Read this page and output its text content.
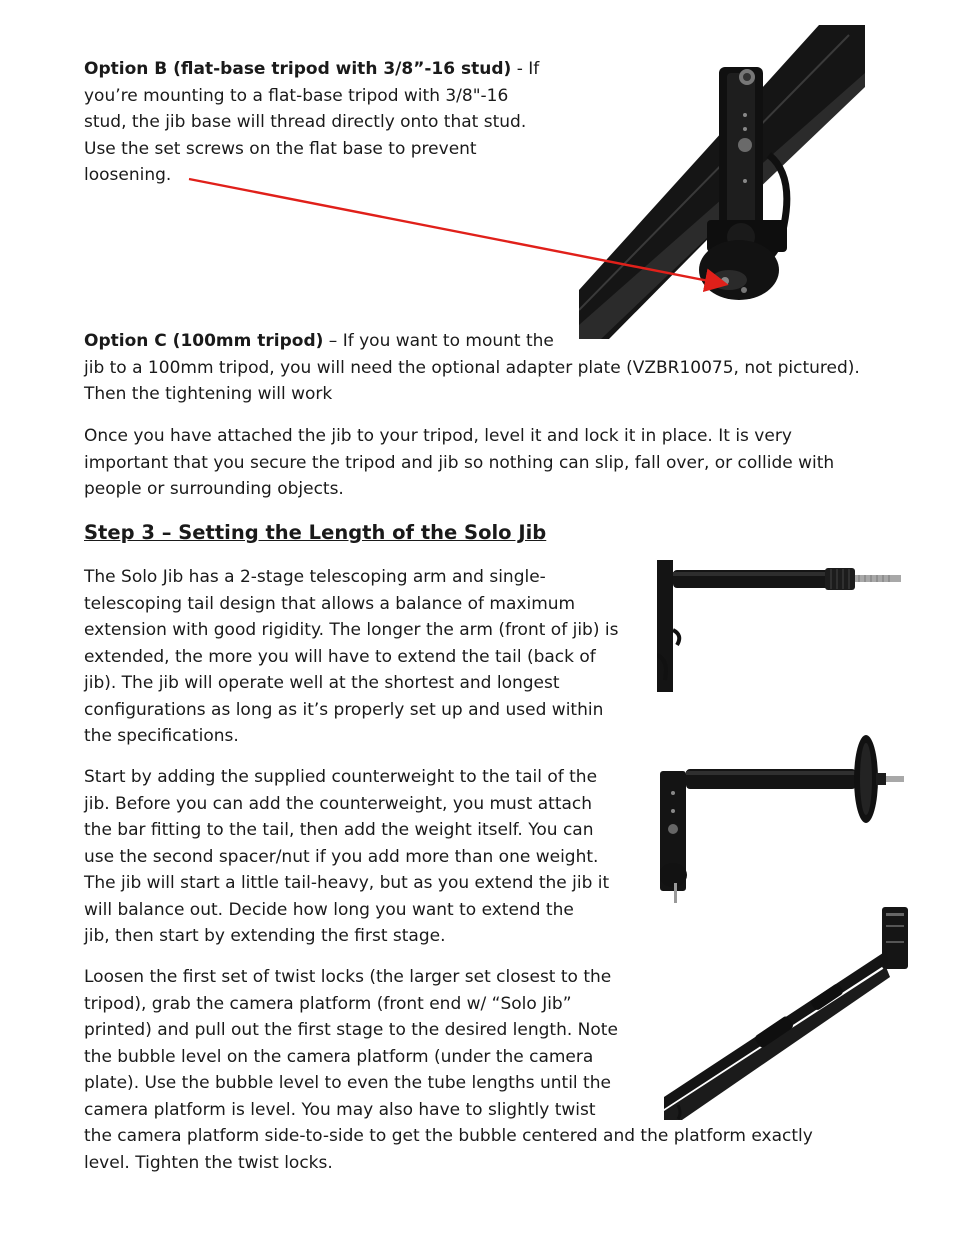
Option B (flat-base tripod with 3/8”-16 stud) - If
you’re mounting to a flat-base tripod with 3/8"-16
stud, the jib base will thread directly onto that stud.
Use the set screws on the flat base to prevent
loosening.

Option C (100mm tripod) – If you want to mount the
jib to a 100mm tripod, you will need the optional adapter plate (VZBR10075, not pictured).
Then the tightening will work

Once you have attached the jib to your tripod, level it and lock it in place. It is very
important that you secure the tripod and jib so nothing can slip, fall over, or collide with
people or surrounding objects.

Step 3 – Setting the Length of the Solo Jib

The Solo Jib has a 2-stage telescoping arm and single-
telescoping tail design that allows a balance of maximum
extension with good rigidity. The longer the arm (front of jib) is
extended, the more you will have to extend the tail (back of
jib). The jib will operate well at the shortest and longest
configurations as long as it’s properly set up and used within
the specifications.

Start by adding the supplied counterweight to the tail of the
jib. Before you can add the counterweight, you must attach
the bar fitting to the tail, then add the weight itself. You can
use the second spacer/nut if you add more than one weight.
The jib will start a little tail-heavy, but as you extend the jib it
will balance out. Decide how long you want to extend the
jib, then start by extending the first stage.

Loosen the first set of twist locks (the larger set closest to the
tripod), grab the camera platform (front end w/ “Solo Jib”
printed) and pull out the first stage to the desired length. Note
the bubble level on the camera platform (under the camera
plate). Use the bubble level to even the tube lengths until the
camera platform is level. You may also have to slightly twist
the camera platform side-to-side to get the bubble centered and the platform exactly
level. Tighten the twist locks.
